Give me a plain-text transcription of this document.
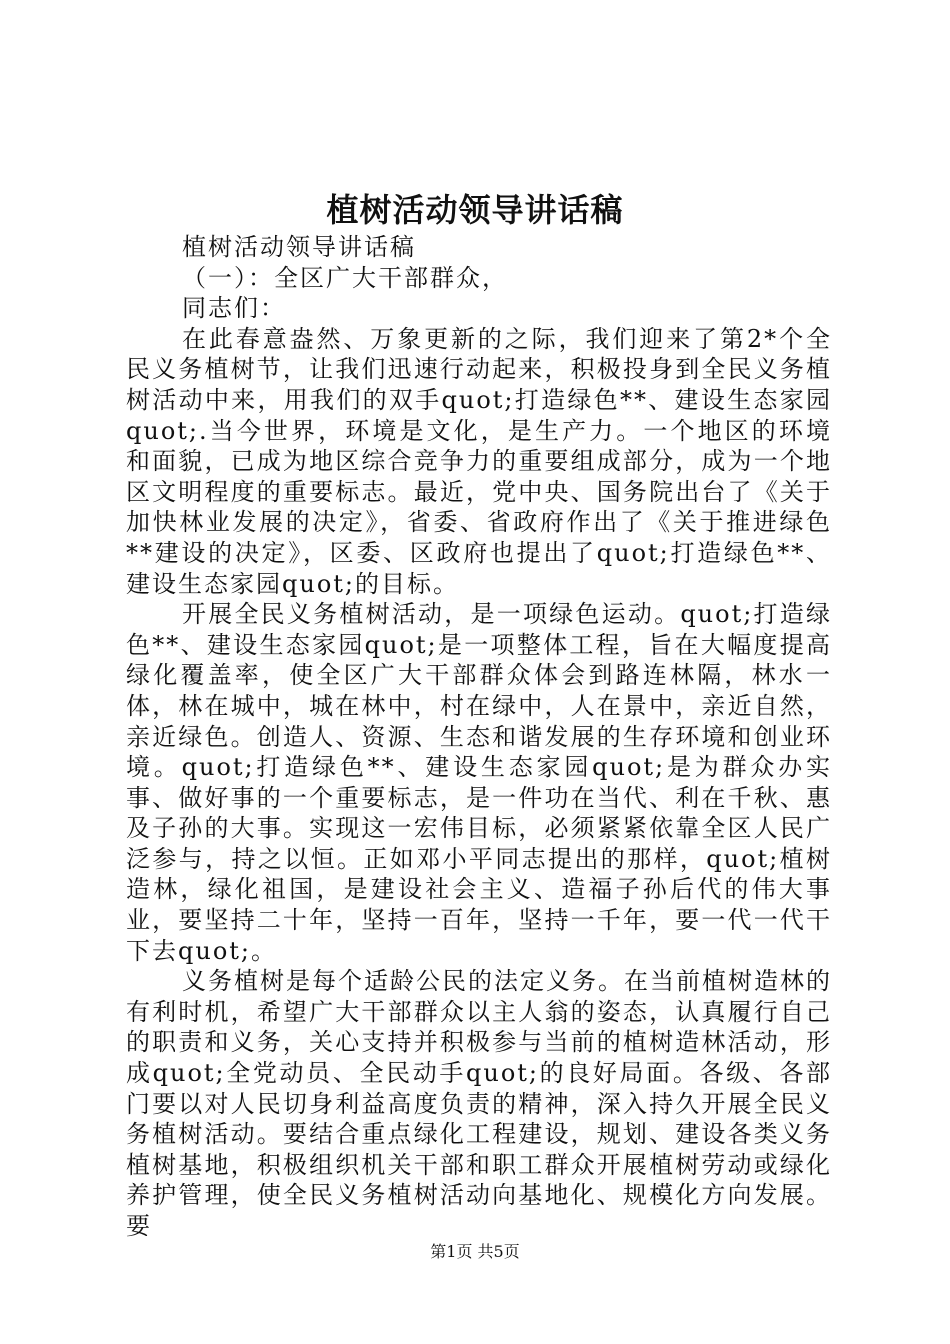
植树活动领导讲话稿

植树活动领导讲话稿

（一）：全区广大干部群众，

同志们：

在此春意盎然、万象更新的之际，我们迎来了第2*个全民义务植树节，让我们迅速行动起来，积极投身到全民义务植树活动中来，用我们的双手quot;打造绿色**、建设生态家园quot;.当今世界，环境是文化，是生产力。一个地区的环境和面貌，已成为地区综合竞争力的重要组成部分，成为一个地区文明程度的重要标志。最近，党中央、国务院出台了《关于加快林业发展的决定》，省委、省政府作出了《关于推进绿色**建设的决定》，区委、区政府也提出了quot;打造绿色**、建设生态家园quot;的目标。

开展全民义务植树活动，是一项绿色运动。quot;打造绿色**、建设生态家园quot;是一项整体工程，旨在大幅度提高绿化覆盖率，使全区广大干部群众体会到路连林隔，林水一体，林在城中，城在林中，村在绿中，人在景中，亲近自然，亲近绿色。创造人、资源、生态和谐发展的生存环境和创业环境。quot;打造绿色**、建设生态家园quot;是为群众办实事、做好事的一个重要标志，是一件功在当代、利在千秋、惠及子孙的大事。实现这一宏伟目标，必须紧紧依靠全区人民广泛参与，持之以恒。正如邓小平同志提出的那样，quot;植树造林，绿化祖国，是建设社会主义、造福子孙后代的伟大事业，要坚持二十年，坚持一百年，坚持一千年，要一代一代干下去quot;。

义务植树是每个适龄公民的法定义务。在当前植树造林的有利时机，希望广大干部群众以主人翁的姿态，认真履行自己的职责和义务，关心支持并积极参与当前的植树造林活动，形成quot;全党动员、全民动手quot;的良好局面。各级、各部门要以对人民切身利益高度负责的精神，深入持久开展全民义务植树活动。要结合重点绿化工程建设，规划、建设各类义务植树基地，积极组织机关干部和职工群众开展植树劳动或绿化养护管理，使全民义务植树活动向基地化、规模化方向发展。要

第1页 共5页
